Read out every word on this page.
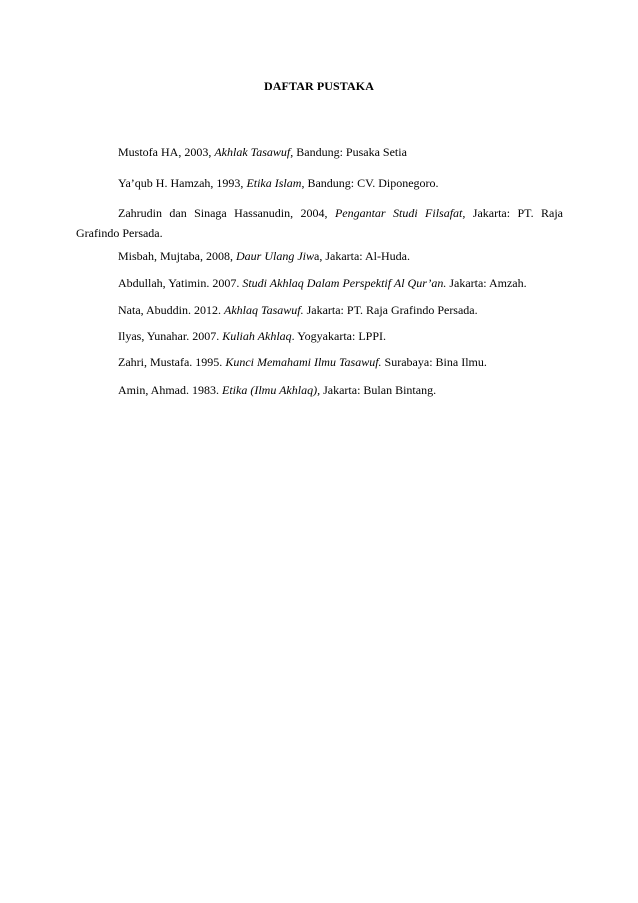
DAFTAR PUSTAKA
Mustofa HA, 2003, Akhlak Tasawuf, Bandung: Pusaka Setia
Ya’qub H. Hamzah, 1993, Etika Islam, Bandung: CV. Diponegoro.
Zahrudin dan Sinaga Hassanudin, 2004, Pengantar Studi Filsafat, Jakarta: PT. Raja Grafindo Persada.
Misbah, Mujtaba, 2008, Daur Ulang Jiwa, Jakarta: Al-Huda.
Abdullah, Yatimin. 2007. Studi Akhlaq Dalam Perspektif Al Qur’an. Jakarta: Amzah.
Nata, Abuddin. 2012. Akhlaq Tasawuf. Jakarta: PT. Raja Grafindo Persada.
Ilyas, Yunahar. 2007. Kuliah Akhlaq. Yogyakarta: LPPI.
Zahri, Mustafa. 1995. Kunci Memahami Ilmu Tasawuf. Surabaya: Bina Ilmu.
Amin, Ahmad. 1983. Etika (Ilmu Akhlaq), Jakarta: Bulan Bintang.
